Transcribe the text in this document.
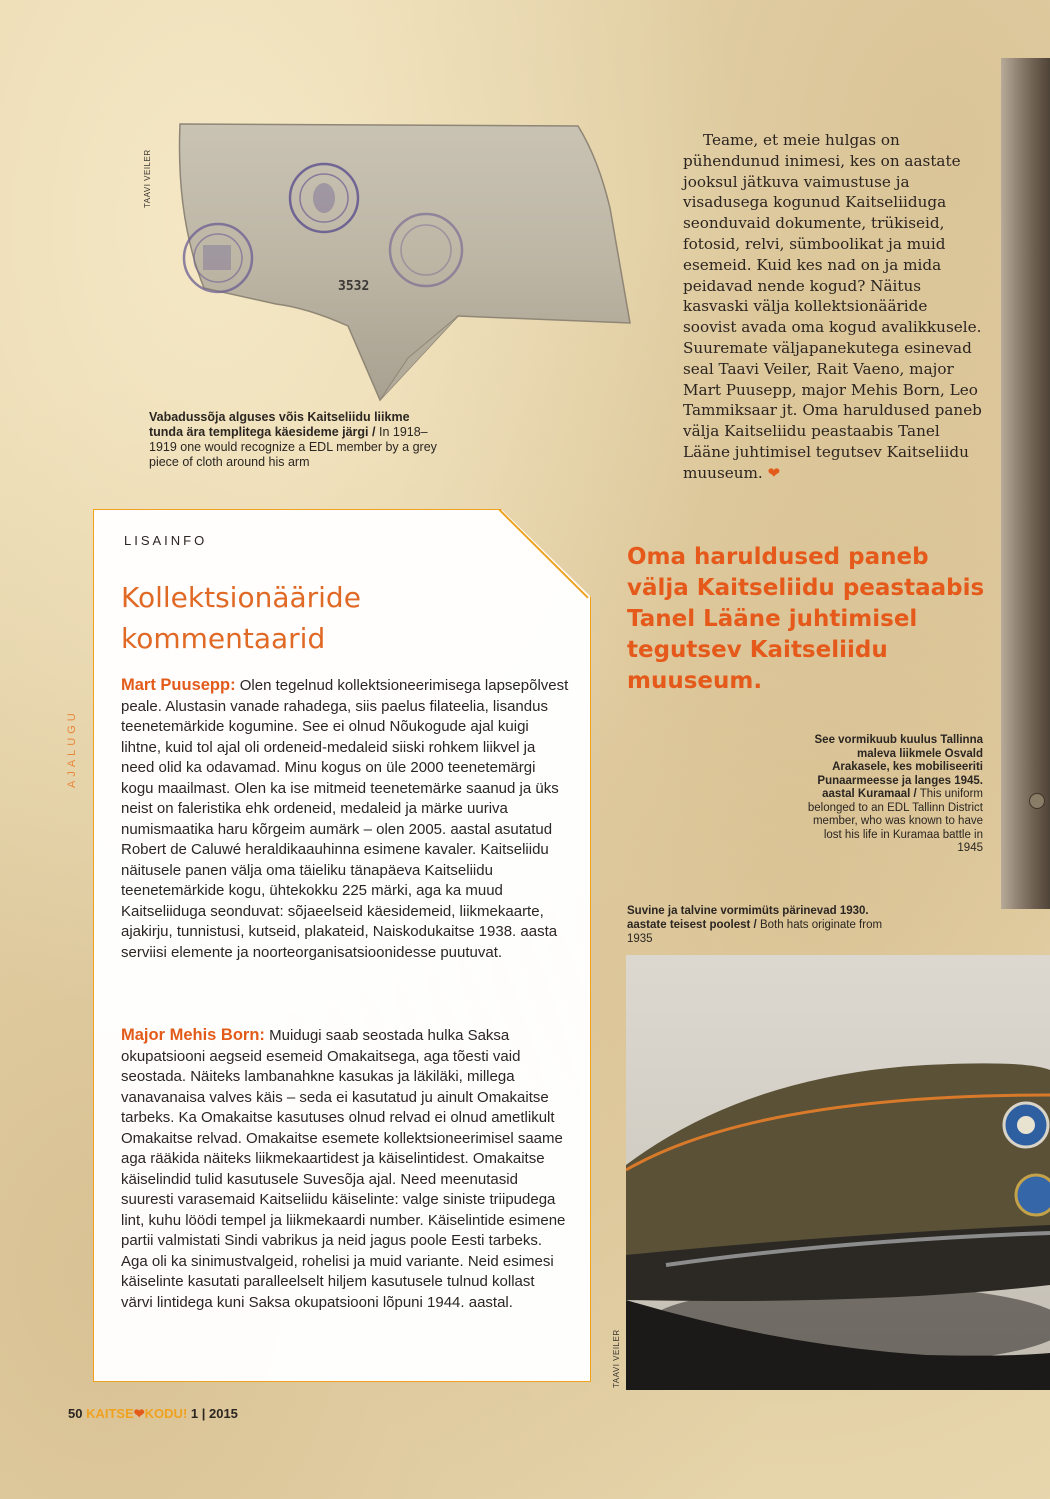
3532
TAAVI VEILER
Vabadussõja alguses võis Kaitseliidu liikme tunda ära templitega käesideme järgi / In 1918–1919 one would recognize a EDL member by a grey piece of cloth around his arm
Teame, et meie hulgas on pühendunud inimesi, kes on aastate jooksul jätkuva vaimustuse ja visadusega kogunud Kaitseliiduga seonduvaid dokumente, trükiseid, fotosid, relvi, sümboolikat ja muid esemeid. Kuid kes nad on ja mida peidavad nende kogud? Näitus kasvaski välja kollektsionääride soovist avada oma kogud avalikkusele. Suuremate väljapanekutega esinevad seal Taavi Veiler, Rait Vaeno, major Mart Puusepp, major Mehis Born, Leo Tammiksaar jt. Oma haruldused paneb välja Kaitseliidu peastaabis Tanel Lääne juhtimisel tegutsev Kaitseliidu muuseum. ❤
Oma haruldused paneb välja Kaitseliidu peastaabis Tanel Lääne juhtimisel tegutsev Kaitseliidu muuseum.
See vormikuub kuulus Tallinna maleva liikmele Osvald Arakasele, kes mobiliseeriti Punaarmeesse ja langes 1945. aastal Kuramaal / This uniform belonged to an EDL Tallinn District member, who was known to have lost his life in Kuramaa battle in 1945
Suvine ja talvine vormimüts pärinevad 1930. aastate teisest poolest / Both hats originate from 1935
TAAVI VEILER
AJALUGU
LISAINFO
Kollektsionääride kommentaarid
Mart Puusepp: Olen tegelnud kollektsioneerimisega lapsepõlvest peale. Alustasin vanade rahadega, siis paelus filateelia, lisandus teenetemärkide kogumine. See ei olnud Nõukogude ajal kuigi lihtne, kuid tol ajal oli ordeneid-medaleid siiski rohkem liikvel ja need olid ka odavamad. Minu kogus on üle 2000 teenetemärgi kogu maailmast. Olen ka ise mitmeid teenetemärke saanud ja üks neist on faleristika ehk ordeneid, medaleid ja märke uuriva numismaatika haru kõrgeim aumärk – olen 2005. aastal asutatud Robert de Caluwé heraldikaauhinna esimene kavaler. Kaitseliidu näitusele panen välja oma täieliku tänapäeva Kaitseliidu teenetemärkide kogu, ühtekokku 225 märki, aga ka muud Kaitseliiduga seonduvat: sõjaeelseid käesidemeid, liikmekaarte, ajakirju, tunnistusi, kutseid, plakateid, Naiskodukaitse 1938. aasta serviisi elemente ja noorteorganisatsioonidesse puutuvat.
Major Mehis Born: Muidugi saab seostada hulka Saksa okupatsiooni aegseid esemeid Omakaitsega, aga tõesti vaid seostada. Näiteks lambanahkne kasukas ja läkiläki, millega vanavanaisa valves käis – seda ei kasutatud ju ainult Omakaitse tarbeks. Ka Omakaitse kasutuses olnud relvad ei olnud ametlikult Omakaitse relvad. Omakaitse esemete kollektsioneerimisel saame aga rääkida näiteks liikmekaartidest ja käiselintidest. Omakaitse käiselindid tulid kasutusele Suvesõja ajal. Need meenutasid suuresti varasemaid Kaitseliidu käiselinte: valge siniste triipudega lint, kuhu löödi tempel ja liikmekaardi number. Käiselintide esimene partii valmistati Sindi vabrikus ja neid jagus poole Eesti tarbeks. Aga oli ka sinimustvalgeid, rohelisi ja muid variante. Neid esimesi käiselinte kasutati paralleelselt hiljem kasutusele tulnud kollast värvi lintidega kuni Saksa okupatsiooni lõpuni 1944. aastal.
50 KAITSE❤KODU! 1 | 2015
